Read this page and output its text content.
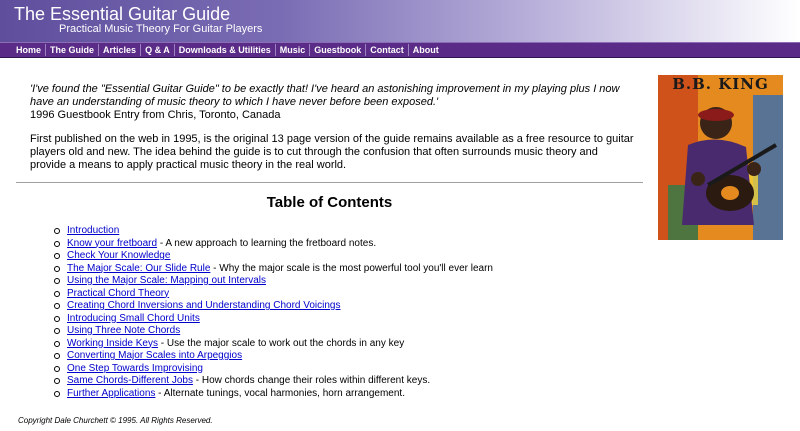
The Essential Guitar Guide
Practical Music Theory For Guitar Players
Home	The Guide	Articles	Q & A	Downloads & Utilities	Music	Guestbook	Contact	About
'I've found the "Essential Guitar Guide" to be exactly that! I've heard an astonishing improvement in my playing plus I now have an understanding of music theory to which I have never before been exposed.'
1996 Guestbook Entry from Chris, Toronto, Canada
First published on the web in 1995, is the original 13 page version of the guide remains available as a free resource to guitar players old and new. The idea behind the guide is to cut through the confusion that often surrounds music theory and provide a means to apply practical music theory in the real world.
Table of Contents
Introduction
Know your fretboard - A new approach to learning the fretboard notes.
Check Your Knowledge
The Major Scale: Our Slide Rule - Why the major scale is the most powerful tool you'll ever learn
Using the Major Scale: Mapping out Intervals
Practical Chord Theory
Creating Chord Inversions and Understanding Chord Voicings
Introducing Small Chord Units
Using Three Note Chords
Working Inside Keys - Use the major scale to work out the chords in any key
Converting Major Scales into Arpeggios
One Step Towards Improvising
Same Chords-Different Jobs - How chords change their roles within different keys.
Further Applications - Alternate tunings, vocal harmonies, horn arrangement.
Copyright Dale Churchett © 1995. All Rights Reserved.
B.B. KING
